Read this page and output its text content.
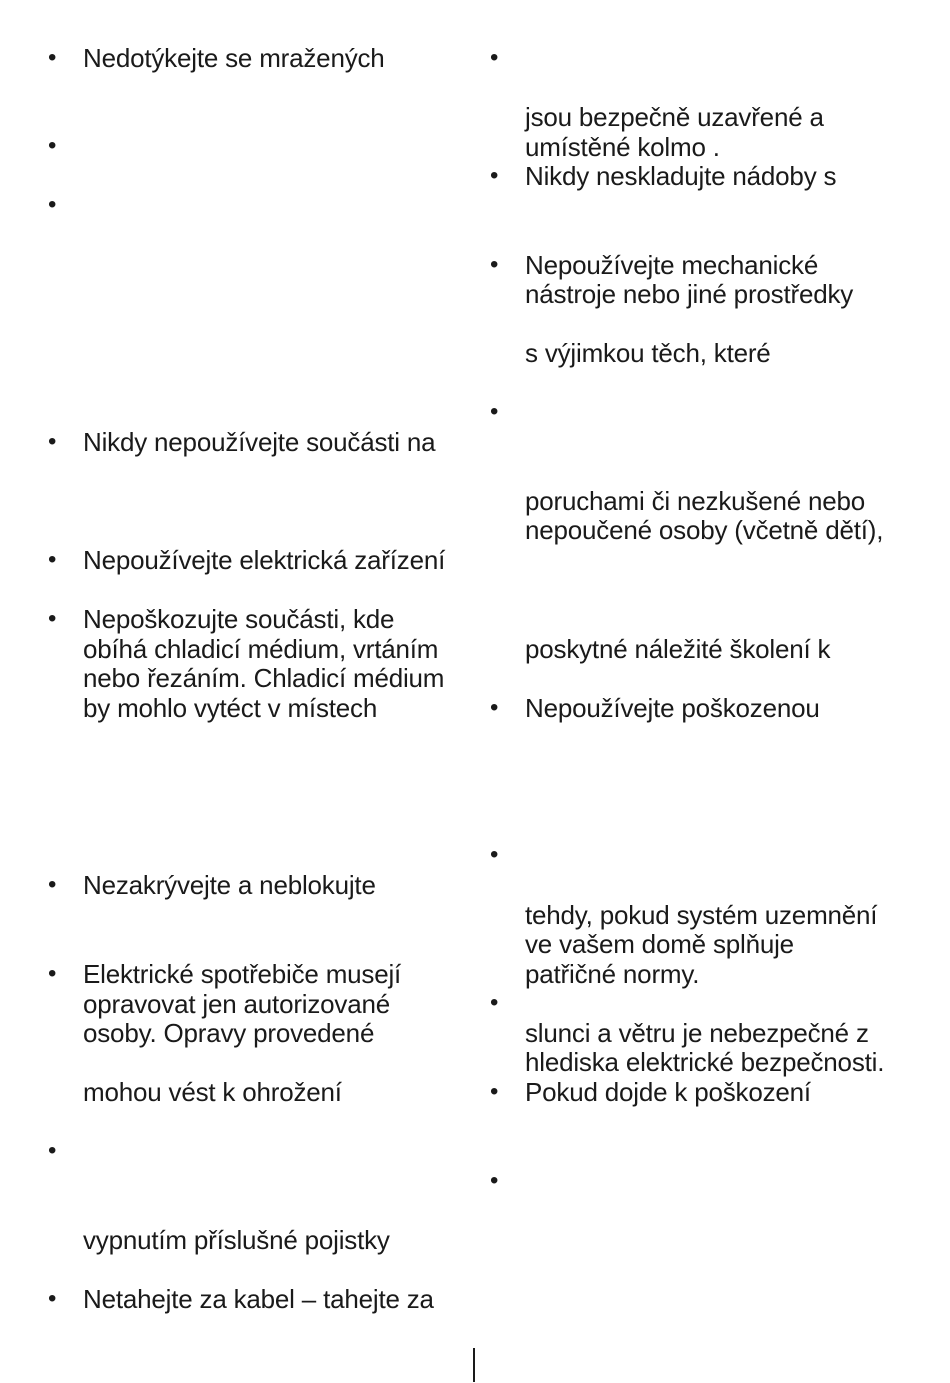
•
•
•
•
•
•
•
•
•
•
Nedotýkejte se mražených
Nikdy nepoužívejte součásti na
Nepoužívejte elektrická zařízení
Nepoškozujte součásti, kde
obíhá chladicí médium, vrtáním
nebo řezáním. Chladicí médium
by mohlo vytéct v místech
Nezakrývejte a neblokujte
Elektrické spotřebiče musejí
opravovat jen autorizované
osoby. Opravy provedené
mohou vést k ohrožení
vypnutím příslušné pojistky
Netahejte za kabel – tahejte za
•
•
•
•
•
•
•
•
•
jsou bezpečně uzavřené a
umístěné kolmo .
Nikdy neskladujte nádoby s
Nepoužívejte mechanické
nástroje nebo jiné prostředky
s výjimkou těch, které
poruchami či nezkušené nebo
nepoučené osoby (včetně dětí),
poskytné náležité školení k
Nepoužívejte poškozenou
tehdy, pokud systém uzemnění
ve vašem domě splňuje
patřičné normy.
slunci a větru je nebezpečné z
hlediska elektrické bezpečnosti.
Pokud dojde k poškození
